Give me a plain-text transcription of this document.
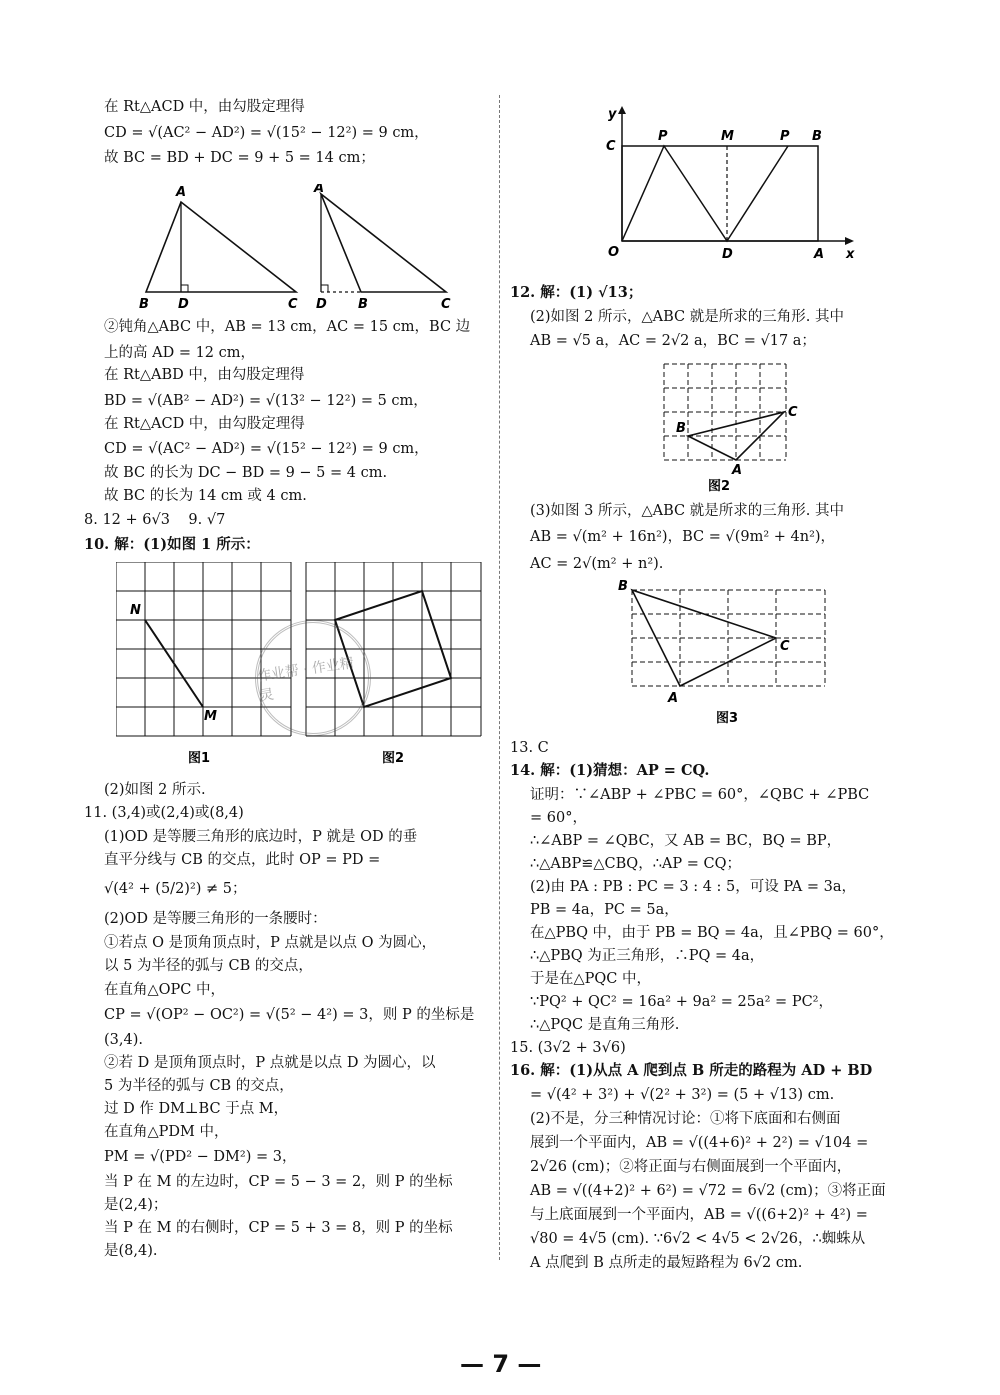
在 Rt△ACD 中，由勾股定理得
CD = √(AC² − AD²) = √(15² − 12²) = 9 cm，
故 BC = BD + DC = 9 + 5 = 14 cm；
A
B D	C
A
D B	C
②钝角△ABC 中，AB = 13 cm，AC = 15 cm，BC 边
上的高 AD = 12 cm，
在 Rt△ABD 中，由勾股定理得
BD = √(AB² − AD²) = √(13² − 12²) = 5 cm，
在 Rt△ACD 中，由勾股定理得
CD = √(AC² − AD²) = √(15² − 12²) = 9 cm，
故 BC 的长为 DC − BD = 9 − 5 = 4 cm.
故 BC 的长为 14 cm 或 4 cm.
8. 12 + 6√3    9. √7
10. 解：(1)如图 1 所示：
N
M
图1	图2
(2)如图 2 所示.
11. (3,4)或(2,4)或(8,4)
(1)OD 是等腰三角形的底边时，P 就是 OD 的垂
直平分线与 CB 的交点，此时 OP = PD =
√(4² + (5/2)²) ≠ 5；
(2)OD 是等腰三角形的一条腰时：
①若点 O 是顶角顶点时，P 点就是以点 O 为圆心，
以 5 为半径的弧与 CB 的交点，
在直角△OPC 中，
CP = √(OP² − OC²) = √(5² − 4²) = 3，则 P 的坐标是
(3,4).
②若 D 是顶角顶点时，P 点就是以点 D 为圆心，以
5 为半径的弧与 CB 的交点，
过 D 作 DM⊥BC 于点 M，
在直角△PDM 中，
PM = √(PD² − DM²) = 3，
当 P 在 M 的左边时，CP = 5 − 3 = 2，则 P 的坐标
是(2,4)；
当 P 在 M 的右侧时，CP = 5 + 3 = 8，则 P 的坐标
是(8,4).
y
C
P	M	P B
O	D	A x
12. 解：(1) √13；
(2)如图 2 所示，△ABC 就是所求的三角形. 其中
AB = √5 a，AC = 2√2 a，BC = √17 a；
B
C
A
图2
(3)如图 3 所示，△ABC 就是所求的三角形. 其中
AB = √(m² + 16n²)，BC = √(9m² + 4n²)，
AC = 2√(m² + n²).
B
C
A
图3
13. C
14. 解：(1)猜想：AP = CQ.
证明：∵∠ABP + ∠PBC = 60°，∠QBC + ∠PBC
= 60°，
∴∠ABP = ∠QBC，又 AB = BC，BQ = BP，
∴△ABP≌△CBQ，∴AP = CQ；
(2)由 PA : PB : PC = 3 : 4 : 5，可设 PA = 3a，
PB = 4a，PC = 5a，
在△PBQ 中，由于 PB = BQ = 4a，且∠PBQ = 60°，
∴△PBQ 为正三角形，∴PQ = 4a，
于是在△PQC 中，
∵PQ² + QC² = 16a² + 9a² = 25a² = PC²，
∴△PQC 是直角三角形.
15. (3√2 + 3√6)
16. 解：(1)从点 A 爬到点 B 所走的路程为 AD + BD
= √(4² + 3²) + √(2² + 3²) = (5 + √13) cm.
(2)不是，分三种情况讨论：①将下底面和右侧面
展到一个平面内，AB = √((4+6)² + 2²) = √104 =
2√26 (cm)；②将正面与右侧面展到一个平面内，
AB = √((4+2)² + 6²) = √72 = 6√2 (cm)；③将正面
与上底面展到一个平面内，AB = √((6+2)² + 4²) =
√80 = 4√5 (cm). ∵6√2 < 4√5 < 2√26，∴蜘蛛从
A 点爬到 B 点所走的最短路程为 6√2 cm.
— 7 —
作业帮 · 作业精灵
